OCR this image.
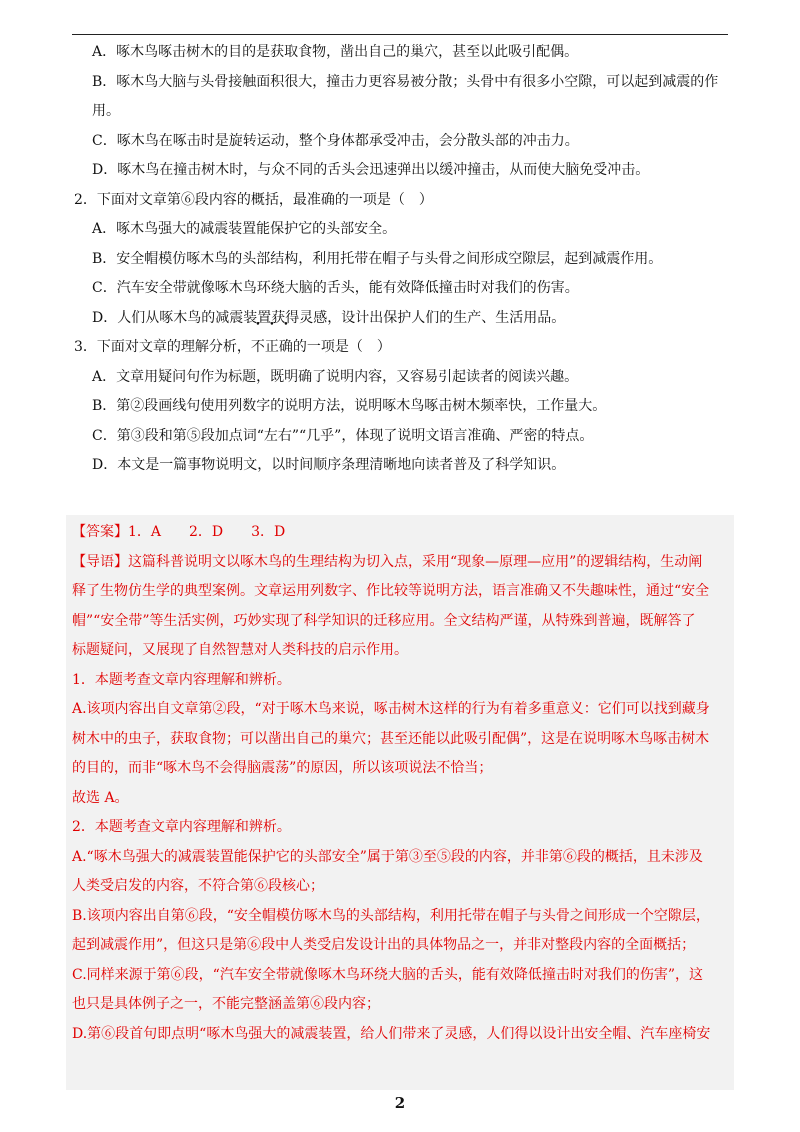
A．啄木鸟啄击树木的目的是获取食物，凿出自己的巢穴，甚至以此吸引配偶。
B．啄木鸟大脑与头骨接触面积很大，撞击力更容易被分散；头骨中有很多小空隙，可以起到减震的作
用。
C．啄木鸟在啄击时是旋转运动，整个身体都承受冲击，会分散头部的冲击力。
D．啄木鸟在撞击树木时，与众不同的舌头会迅速弹出以缓冲撞击，从而使大脑免受冲击。
2．下面对文章第⑥段内容的概括，最准确的一项是（　）
A．啄木鸟强大的减震装置能保护它的头部安全。
B．安全帽模仿啄木鸟的头部结构，利用托带在帽子与头骨之间形成空隙层，起到减震作用。
C．汽车安全带就像啄木鸟环绕大脑的舌头，能有效降低撞击时对我们的伤害。
D．人们从啄木鸟的减震装置获得灵感，设计出保护人们的生产、生活用品。
3．下面对文章的理解分析，不正确的一项是（　）
A．文章用疑问句作为标题，既明确了说明内容，又容易引起读者的阅读兴趣。
B．第②段画线句使用列数字的说明方法，说明啄木鸟啄击树木频率快，工作量大。
C．第③段和第⑤段加点词“左右”“几乎”，体现了说明文语言准确、严密的特点。
D．本文是一篇事物说明文，以时间顺序条理清晰地向读者普及了科学知识。
【答案】1．A　　2．D　　3．D
【导语】这篇科普说明文以啄木鸟的生理结构为切入点，采用“现象—原理—应用”的逻辑结构，生动阐
释了生物仿生学的典型案例。文章运用列数字、作比较等说明方法，语言准确又不失趣味性，通过“安全
帽”“安全带”等生活实例，巧妙实现了科学知识的迁移应用。全文结构严谨，从特殊到普遍，既解答了
标题疑问，又展现了自然智慧对人类科技的启示作用。
1．本题考查文章内容理解和辨析。
A.该项内容出自文章第②段，“对于啄木鸟来说，啄击树木这样的行为有着多重意义：它们可以找到藏身
树木中的虫子，获取食物；可以凿出自己的巢穴；甚至还能以此吸引配偶”，这是在说明啄木鸟啄击树木
的目的，而非“啄木鸟不会得脑震荡”的原因，所以该项说法不恰当；
故选 A。
2．本题考查文章内容理解和辨析。
A.“啄木鸟强大的减震装置能保护它的头部安全”属于第③至⑤段的内容，并非第⑥段的概括，且未涉及
人类受启发的内容，不符合第⑥段核心；
B.该项内容出自第⑥段，“安全帽模仿啄木鸟的头部结构，利用托带在帽子与头骨之间形成一个空隙层，
起到减震作用”，但这只是第⑥段中人类受启发设计出的具体物品之一，并非对整段内容的全面概括；
C.同样来源于第⑥段，“汽车安全带就像啄木鸟环绕大脑的舌头，能有效降低撞击时对我们的伤害”，这
也只是具体例子之一，不能完整涵盖第⑥段内容；
D.第⑥段首句即点明“啄木鸟强大的减震装置，给人们带来了灵感，人们得以设计出安全帽、汽车座椅安
2
